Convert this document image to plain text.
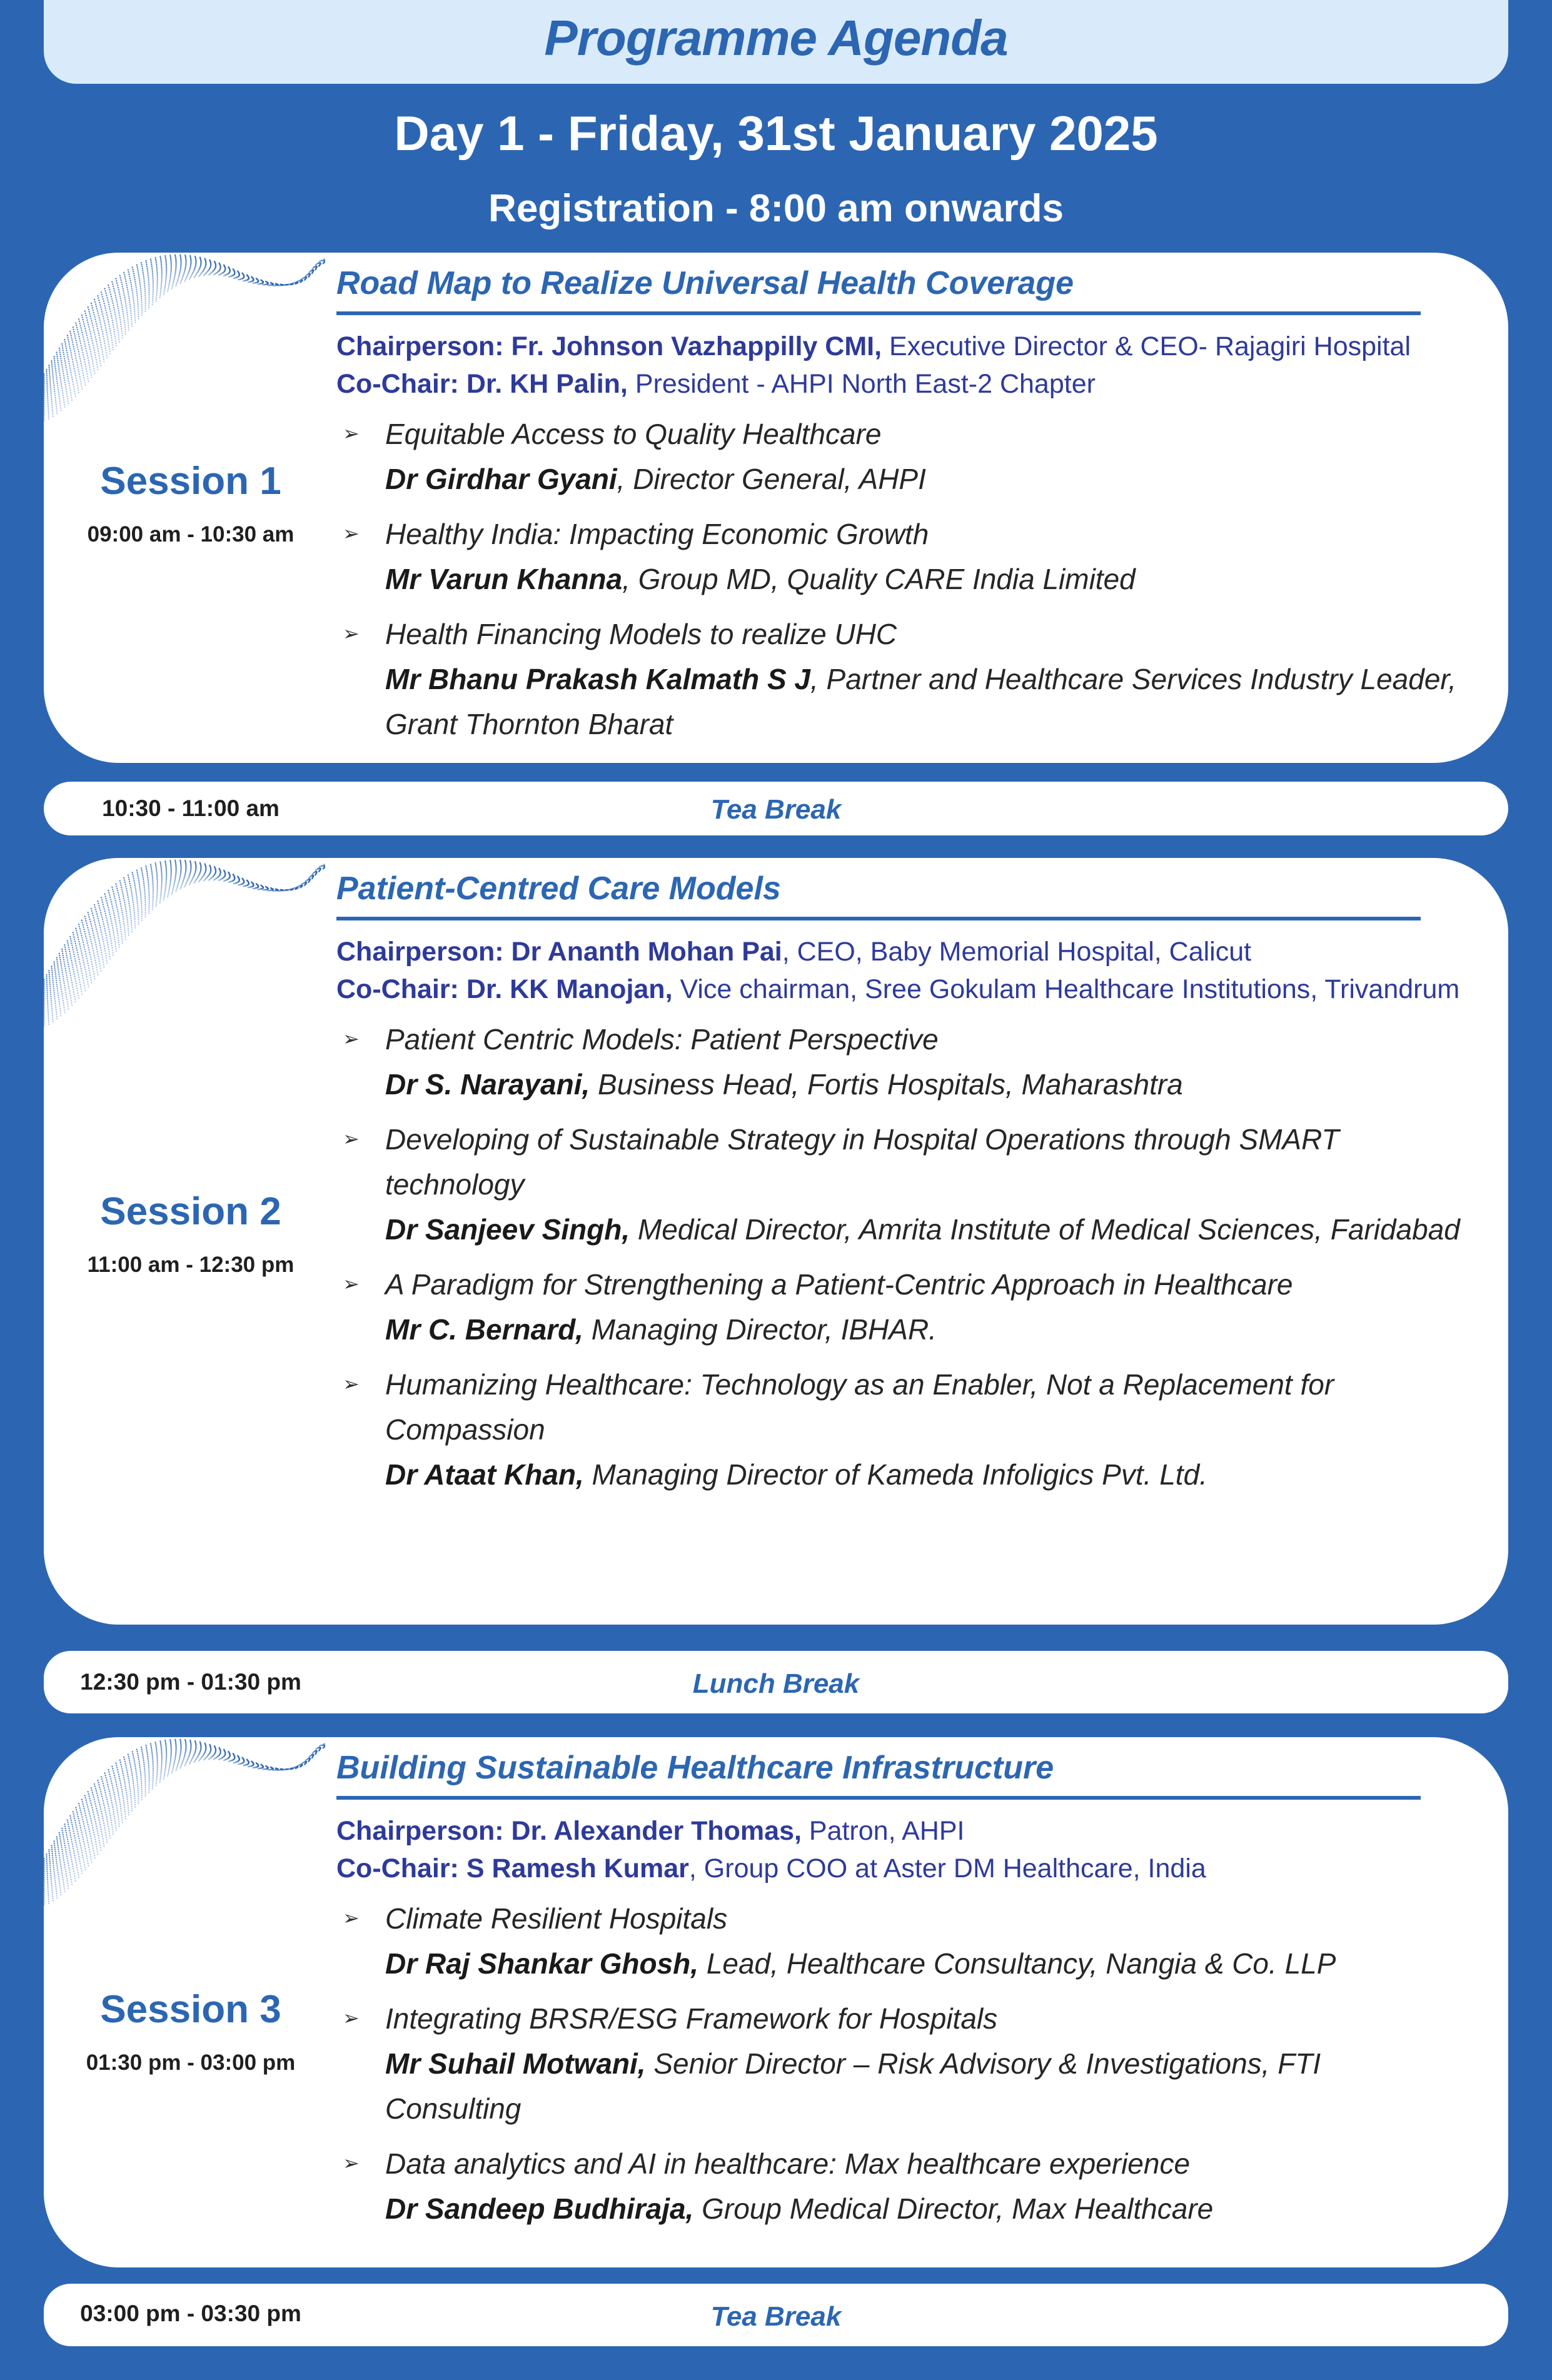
Programme Agenda
Day 1 - Friday, 31st January 2025
Registration - 8:00 am onwards
Session 1
09:00 am - 10:30 am
Road Map to Realize Universal Health Coverage
Chairperson: Fr. Johnson Vazhappilly CMI, Executive Director & CEO- Rajagiri Hospital
Co-Chair: Dr. KH Palin, President - AHPI North East-2 Chapter
➢ Equitable Access to Quality Healthcare
Dr Girdhar Gyani, Director General, AHPI
➢ Healthy India: Impacting Economic Growth
Mr Varun Khanna, Group MD, Quality CARE India Limited
➢ Health Financing Models to realize UHC
Mr Bhanu Prakash Kalmath S J, Partner and Healthcare Services Industry Leader, Grant Thornton Bharat
10:30 - 11:00 am	Tea Break
Session 2
11:00 am - 12:30 pm
Patient-Centred Care Models
Chairperson: Dr Ananth Mohan Pai, CEO, Baby Memorial Hospital, Calicut
Co-Chair: Dr. KK Manojan, Vice chairman, Sree Gokulam Healthcare Institutions, Trivandrum
➢ Patient Centric Models: Patient Perspective
Dr S. Narayani, Business Head, Fortis Hospitals, Maharashtra
➢ Developing of Sustainable Strategy in Hospital Operations through SMART technology
Dr Sanjeev Singh, Medical Director, Amrita Institute of Medical Sciences, Faridabad
➢ A Paradigm for Strengthening a Patient-Centric Approach in Healthcare
Mr C. Bernard, Managing Director, IBHAR.
➢ Humanizing Healthcare: Technology as an Enabler, Not a Replacement for Compassion
Dr Ataat Khan, Managing Director of Kameda Infoligics Pvt. Ltd.
12:30 pm - 01:30 pm	Lunch Break
Session 3
01:30 pm - 03:00 pm
Building Sustainable Healthcare Infrastructure
Chairperson: Dr. Alexander Thomas, Patron, AHPI
Co-Chair: S Ramesh Kumar, Group COO at Aster DM Healthcare, India
➢ Climate Resilient Hospitals
Dr Raj Shankar Ghosh, Lead, Healthcare Consultancy, Nangia & Co. LLP
➢ Integrating BRSR/ESG Framework for Hospitals
Mr Suhail Motwani, Senior Director – Risk Advisory & Investigations, FTI Consulting
➢ Data analytics and AI in healthcare: Max healthcare experience
Dr Sandeep Budhiraja, Group Medical Director, Max Healthcare
03:00 pm - 03:30 pm	Tea Break
